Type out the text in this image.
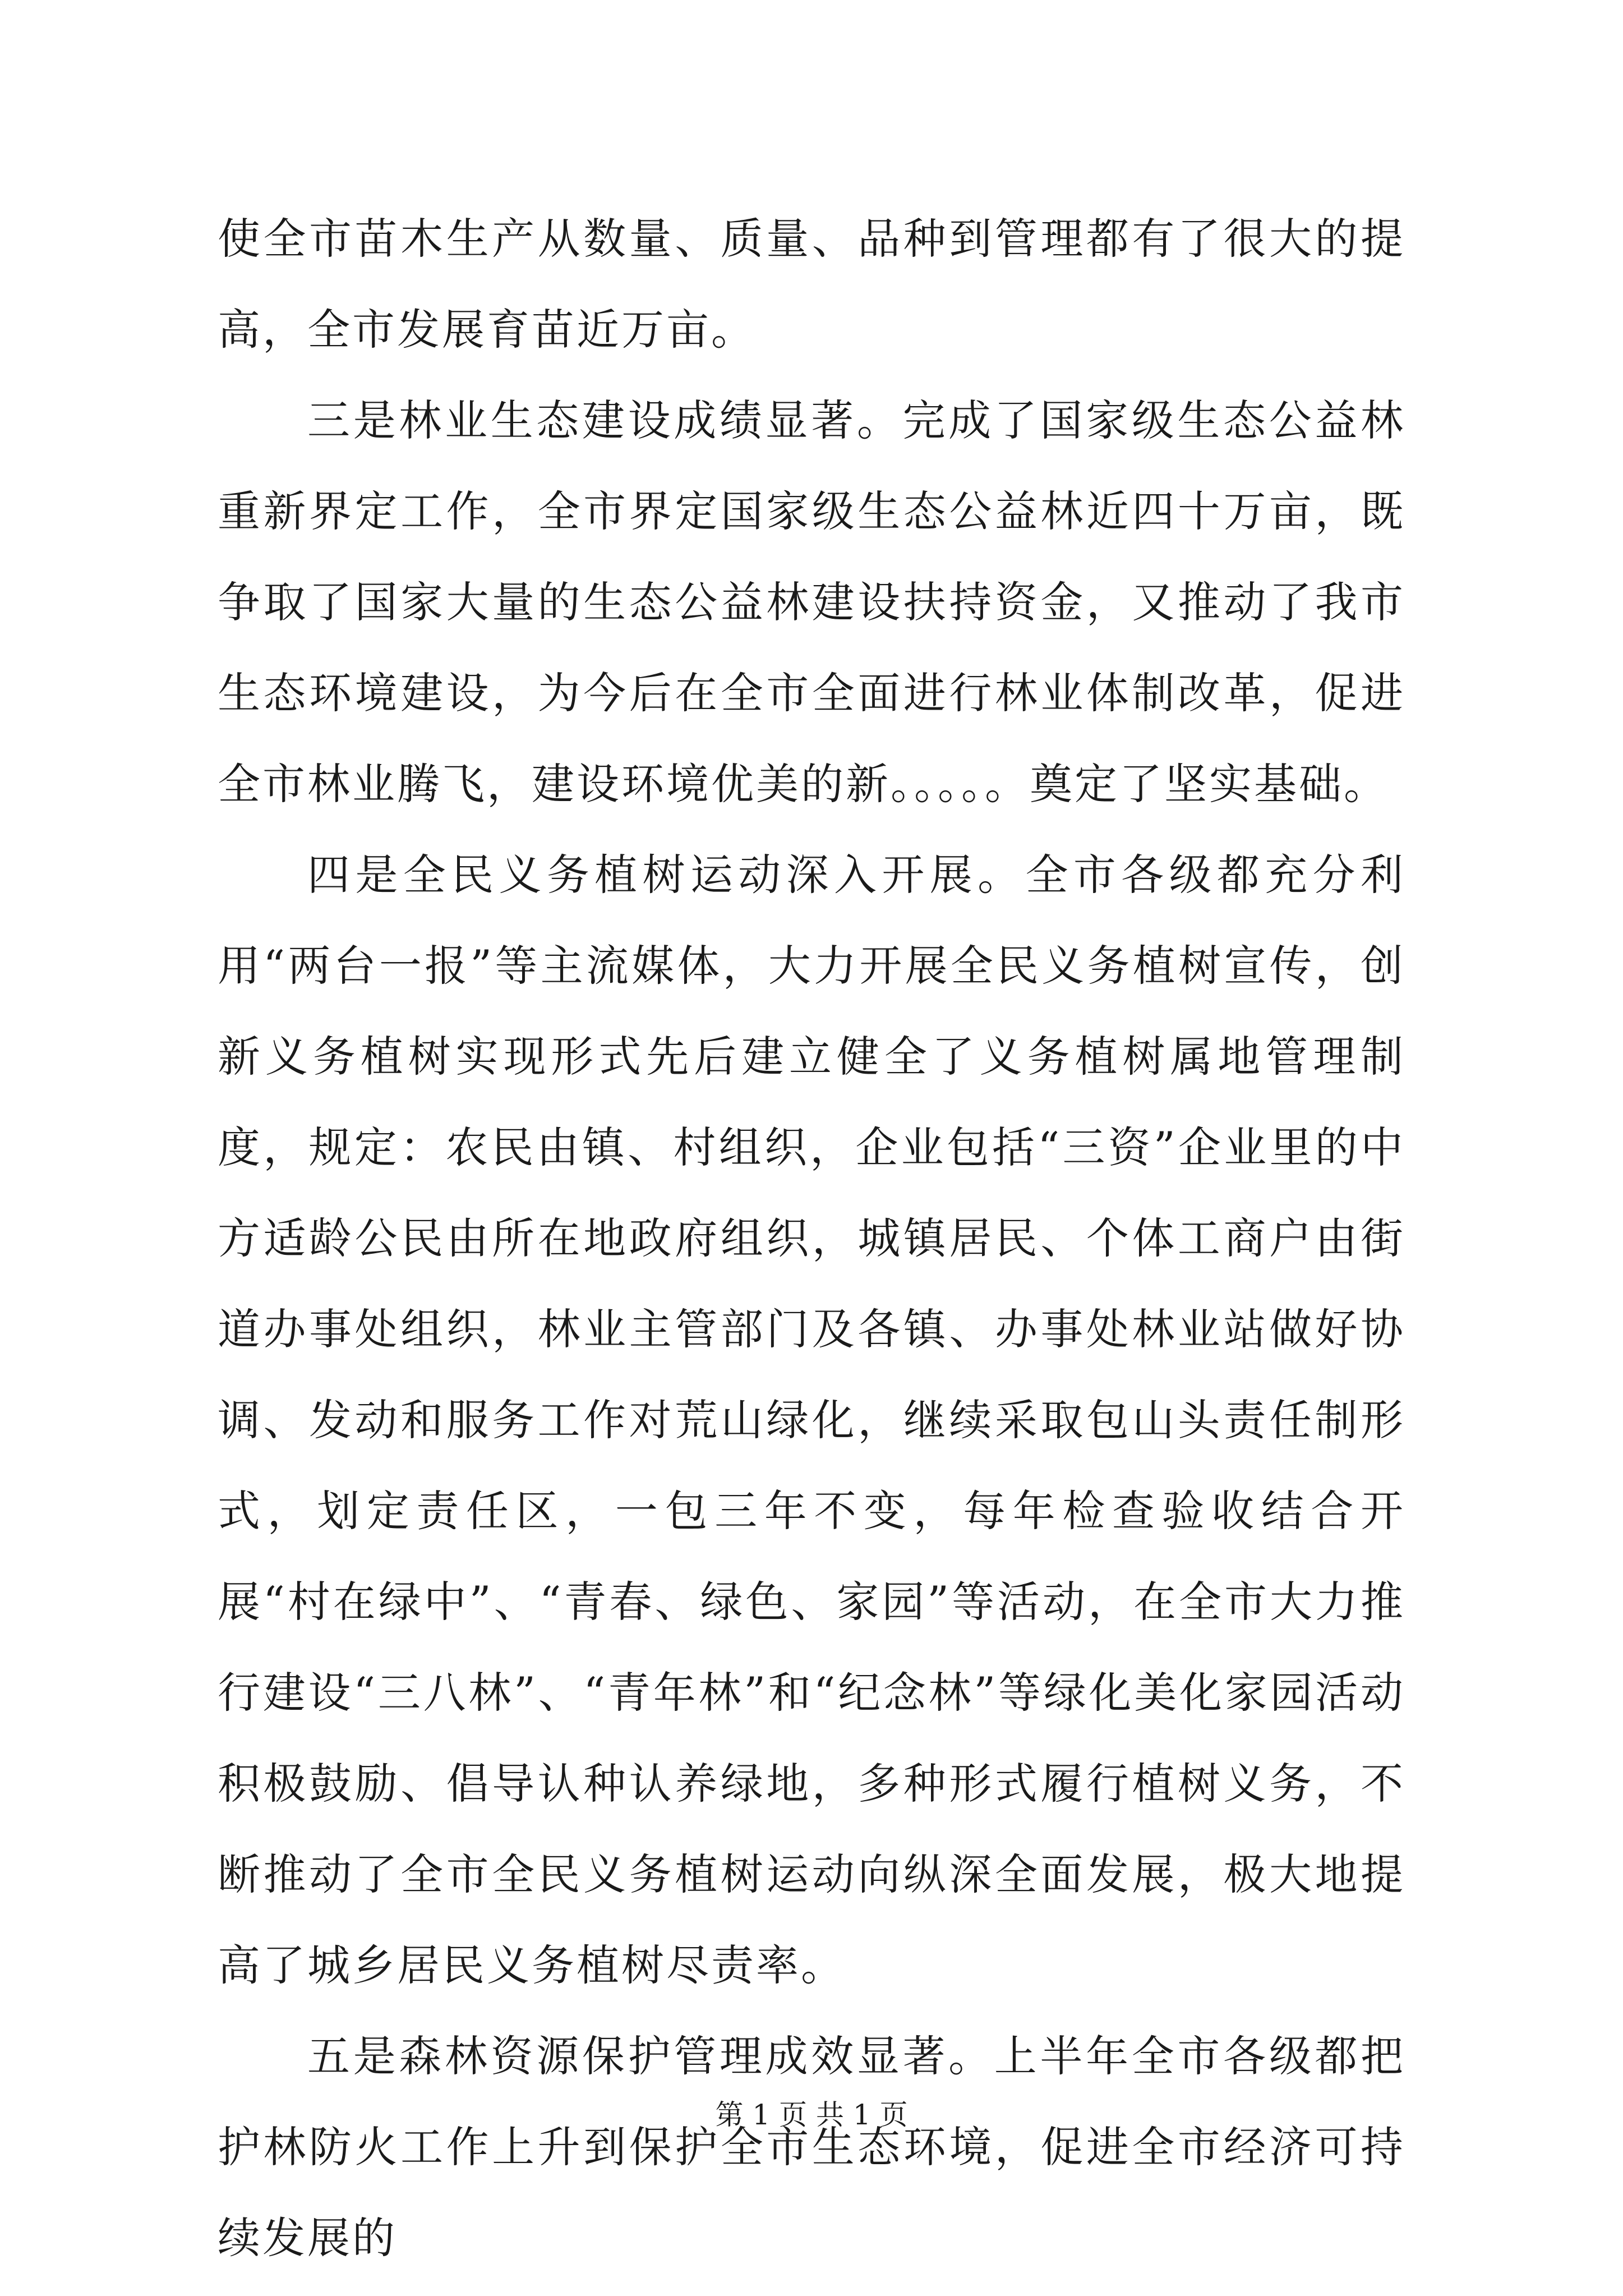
使全市苗木生产从数量、质量、品种到管理都有了很大的提高，全市发展育苗近万亩。

三是林业生态建设成绩显著。完成了国家级生态公益林重新界定工作，全市界定国家级生态公益林近四十万亩，既争取了国家大量的生态公益林建设扶持资金，又推动了我市生态环境建设，为今后在全市全面进行林业体制改革，促进全市林业腾飞，建设环境优美的新。。。。。奠定了坚实基础。

四是全民义务植树运动深入开展。全市各级都充分利用“两台一报”等主流媒体，大力开展全民义务植树宣传，创新义务植树实现形式先后建立健全了义务植树属地管理制度，规定：农民由镇、村组织，企业包括“三资”企业里的中方适龄公民由所在地政府组织，城镇居民、个体工商户由街道办事处组织，林业主管部门及各镇、办事处林业站做好协调、发动和服务工作对荒山绿化，继续采取包山头责任制形式，划定责任区，一包三年不变，每年检查验收结合开展“村在绿中”、“青春、绿色、家园”等活动，在全市大力推行建设“三八林”、“青年林”和“纪念林”等绿化美化家园活动积极鼓励、倡导认种认养绿地，多种形式履行植树义务，不断推动了全市全民义务植树运动向纵深全面发展，极大地提高了城乡居民义务植树尽责率。

五是森林资源保护管理成效显著。上半年全市各级都把护林防火工作上升到保护全市生态环境，促进全市经济可持续发展的

第 1 页 共 1 页
